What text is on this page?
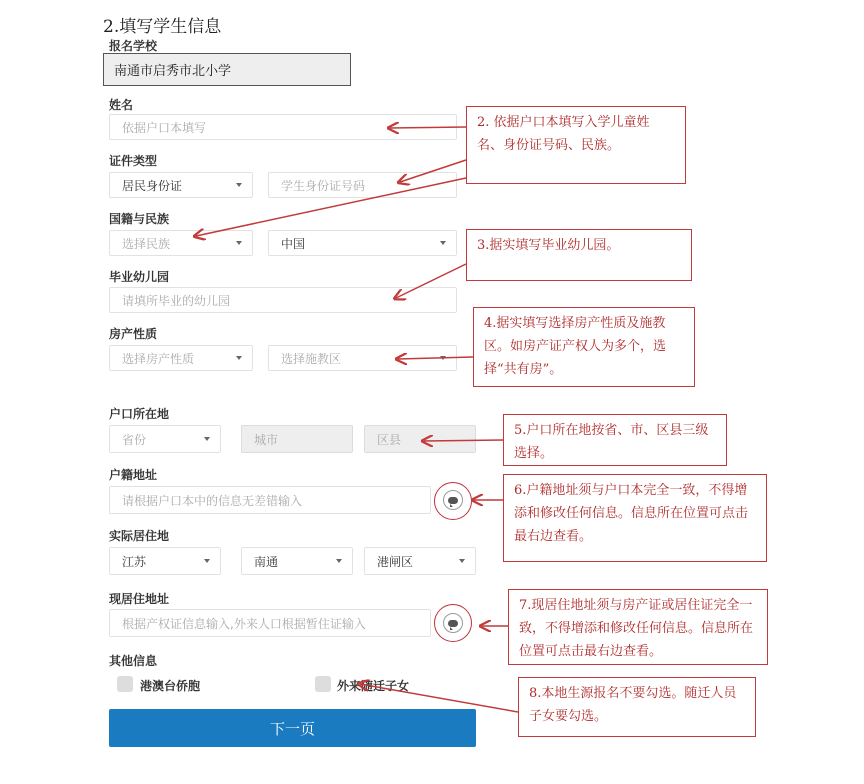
2.填写学生信息
报名学校
南通市启秀市北小学
姓名
依据户口本填写
证件类型
居民身份证	学生身份证号码
国籍与民族
选择民族	中国
毕业幼儿园
请填所毕业的幼儿园
房产性质
选择房产性质	选择施教区
户口所在地
省份	城市	区县
户籍地址
请根据户口本中的信息无差错输入
实际居住地
江苏	南通	港闸区
现居住地址
根据产权证信息输入,外来人口根据暂住证输入
其他信息
港澳台侨胞	外来随迁子女
下一页
2. 依据户口本填写入学儿童姓名、身份证号码、民族。
3.据实填写毕业幼儿园。
4.据实填写选择房产性质及施教区。如房产证产权人为多个，选择“共有房”。
5.户口所在地按省、市、区县三级选择。
6.户籍地址须与户口本完全一致，不得增添和修改任何信息。信息所在位置可点击最右边查看。
7.现居住地址须与房产证或居住证完全一致，不得增添和修改任何信息。信息所在位置可点击最右边查看。
8.本地生源报名不要勾选。随迁人员子女要勾选。
